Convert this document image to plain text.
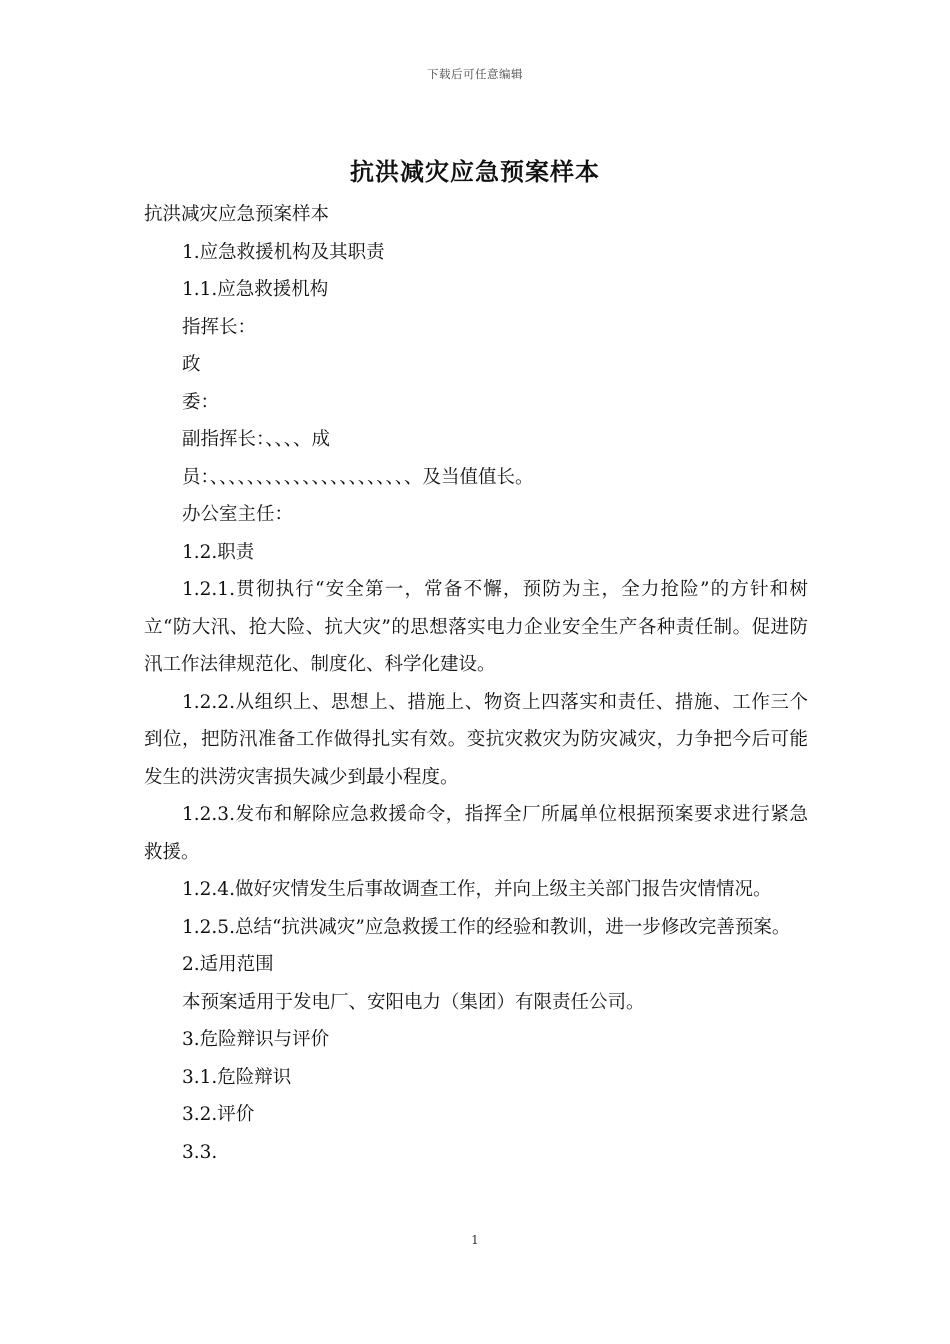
下载后可任意编辑
抗洪减灾应急预案样本

抗洪减灾应急预案样本

1.应急救援机构及其职责

1.1.应急救援机构

指挥长：

政

委：

副指挥长：、、、、成

员：、、、、、、、、、、、、、、、、、、、、、、及当值值长。

办公室主任：

1.2.职责

1.2.1.贯彻执行“安全第一，常备不懈，预防为主，全力抢险”的方针和树立“防大汛、抢大险、抗大灾”的思想落实电力企业安全生产各种责任制。促进防汛工作法律规范化、制度化、科学化建设。

1.2.2.从组织上、思想上、措施上、物资上四落实和责任、措施、工作三个到位，把防汛准备工作做得扎实有效。变抗灾救灾为防灾减灾，力争把今后可能发生的洪涝灾害损失减少到最小程度。

1.2.3.发布和解除应急救援命令，指挥全厂所属单位根据预案要求进行紧急救援。

1.2.4.做好灾情发生后事故调查工作，并向上级主关部门报告灾情情况。

1.2.5.总结“抗洪减灾”应急救援工作的经验和教训，进一步修改完善预案。

2.适用范围

本预案适用于发电厂、安阳电力（集团）有限责任公司。

3.危险辩识与评价

3.1.危险辩识

3.2.评价

3.3.

1
